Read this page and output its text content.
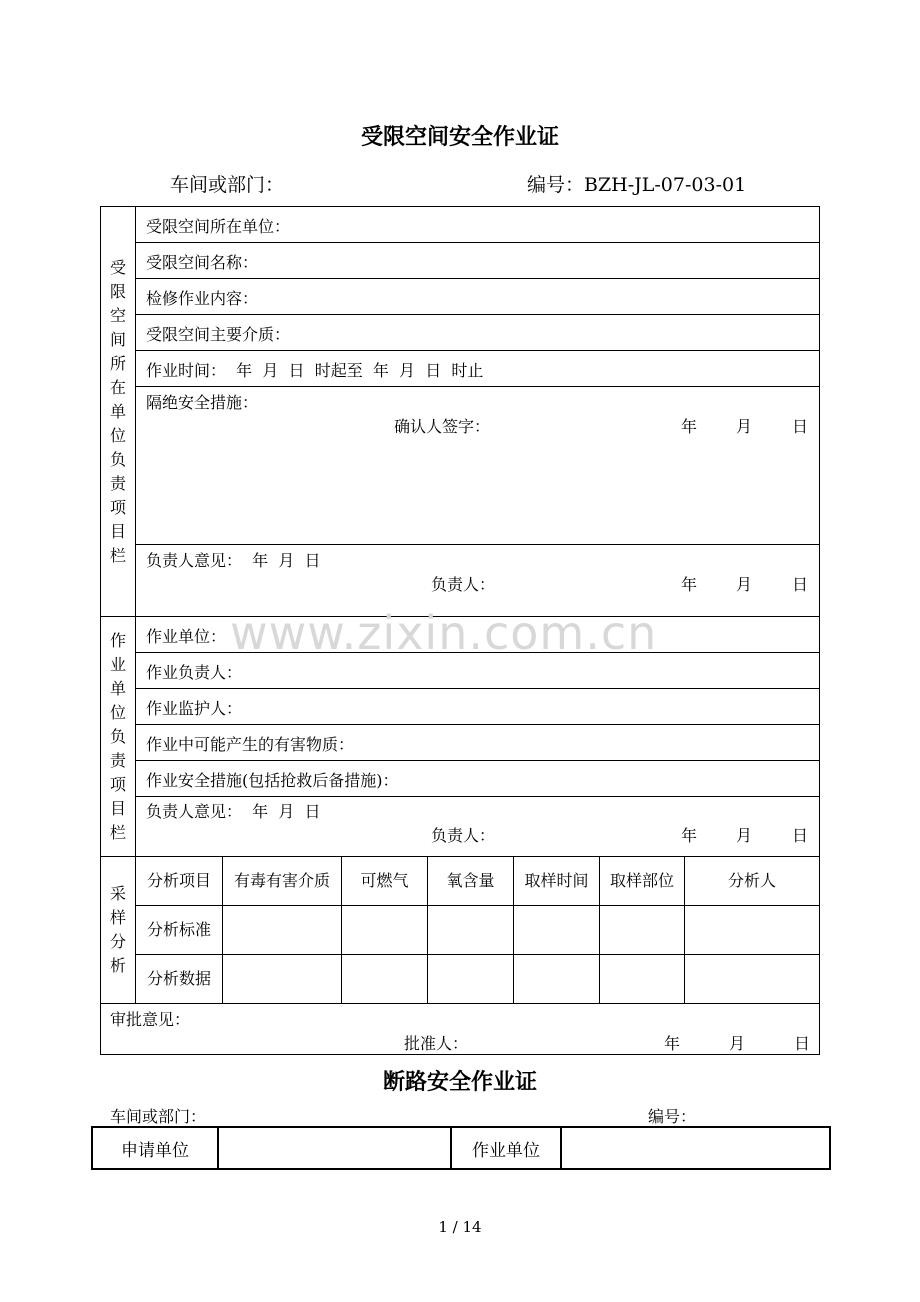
受限空间安全作业证
车间或部门：	编号：BZH-JL-07-03-01
受限空间所在单位负责项目栏	受限空间所在单位：						

	受限空间名称：						

	检修作业内容：						

	受限空间主要介质：						

	作业时间：  年  月  日  时起至  年  月  日  时止						

	隔绝安全措施：
确认人签字： 年 月 日						

	负责人意见：  年  月  日
负责人： 年 月 日						

作业单位负责项目栏	作业单位：						

	作业负责人：						

	作业监护人：						

	作业中可能产生的有害物质：						

	作业安全措施(包括抢救后备措施)：						

	负责人意见：  年  月  日
负责人： 年 月 日						

采样分析	分析项目	有毒有害介质	可燃气	氧含量	取样时间	取样部位	分析人
	分析标准						
	分析数据						

审批意见：
批准人： 年 月 日							
www.zixin.com.cn
断路安全作业证
车间或部门：	编号：
申请单位		作业单位	
1 / 14
